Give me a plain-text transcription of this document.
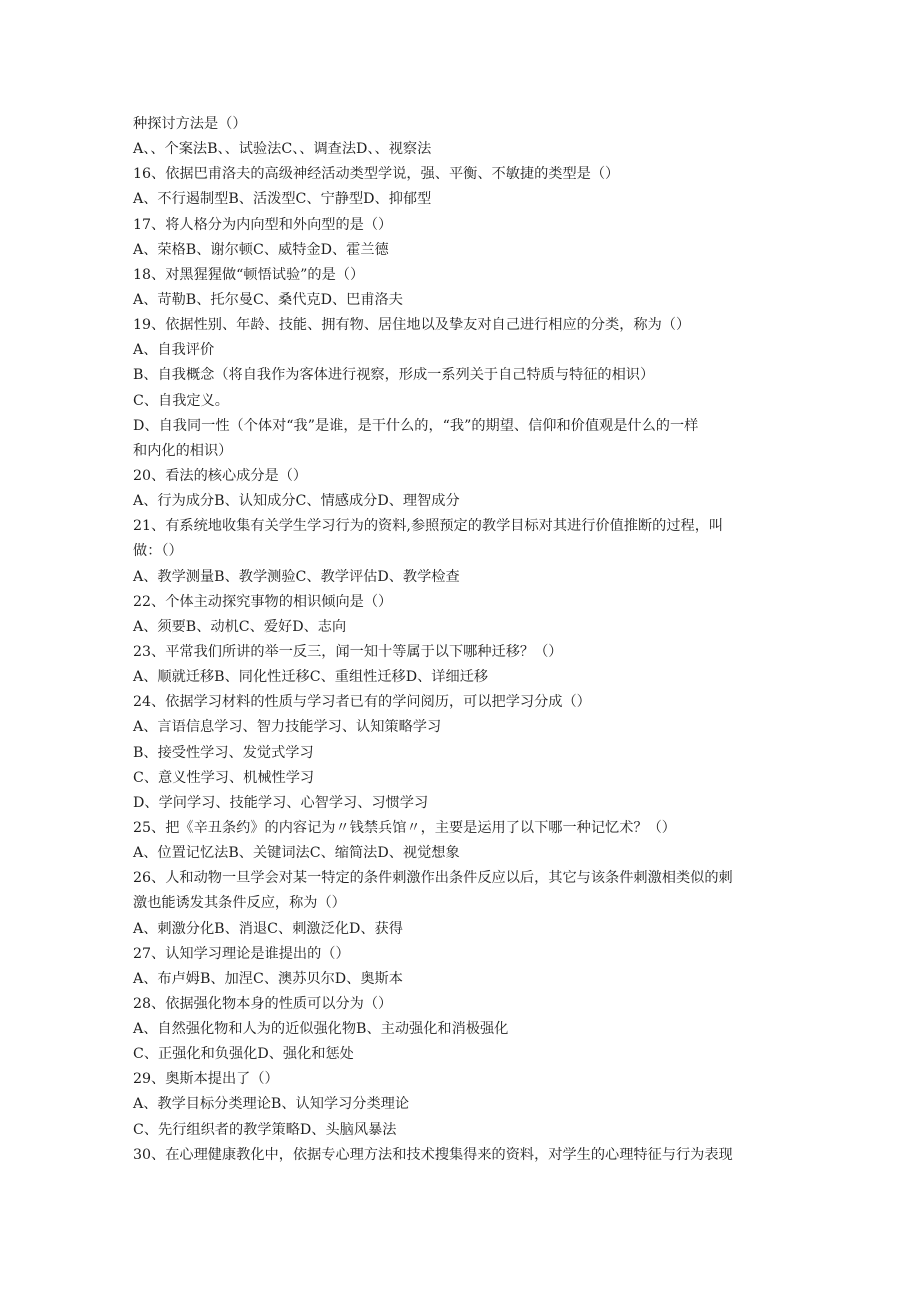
种探讨方法是（）
A、、个案法B、、试验法C、、调查法D、、视察法
16、依据巴甫洛夫的高级神经活动类型学说，强、平衡、不敏捷的类型是（）
A、不行遏制型B、活泼型C、宁静型D、抑郁型
17、将人格分为内向型和外向型的是（）
A、荣格B、谢尔顿C、威特金D、霍兰德
18、对黑猩猩做“顿悟试验”的是（）
A、苛勒B、托尔曼C、桑代克D、巴甫洛夫
19、依据性别、年龄、技能、拥有物、居住地以及挚友对自己进行相应的分类，称为（）
A、自我评价
B、自我概念（将自我作为客体进行视察，形成一系列关于自己特质与特征的相识）
C、自我定义。
D、自我同一性（个体对“我”是谁，是干什么的，“我”的期望、信仰和价值观是什么的一样
和内化的相识）
20、看法的核心成分是（）
A、行为成分B、认知成分C、情感成分D、理智成分
21、有系统地收集有关学生学习行为的资料,参照预定的教学目标对其进行价值推断的过程，叫
做：（）
A、教学测量B、教学测验C、教学评估D、教学检查
22、个体主动探究事物的相识倾向是（）
A、须要B、动机C、爱好D、志向
23、平常我们所讲的举一反三，闻一知十等属于以下哪种迁移？（）
A、顺就迁移B、同化性迁移C、重组性迁移D、详细迁移
24、依据学习材料的性质与学习者已有的学问阅历，可以把学习分成（）
A、言语信息学习、智力技能学习、认知策略学习
B、接受性学习、发觉式学习
C、意义性学习、机械性学习
D、学问学习、技能学习、心智学习、习惯学习
25、把《辛丑条约》的内容记为〃钱禁兵馆〃，主要是运用了以下哪一种记忆术？（）
A、位置记忆法B、关键词法C、缩简法D、视觉想象
26、人和动物一旦学会对某一特定的条件刺激作出条件反应以后，其它与该条件刺激相类似的刺
激也能诱发其条件反应，称为（）
A、刺激分化B、消退C、刺激泛化D、获得
27、认知学习理论是谁提出的（）
A、布卢姆B、加涅C、澳苏贝尔D、奥斯本
28、依据强化物本身的性质可以分为（）
A、自然强化物和人为的近似强化物B、主动强化和消极强化
C、正强化和负强化D、强化和惩处
29、奥斯本提出了（）
A、教学目标分类理论B、认知学习分类理论
C、先行组织者的教学策略D、头脑风暴法
30、在心理健康教化中，依据专心理方法和技术搜集得来的资料，对学生的心理特征与行为表现
